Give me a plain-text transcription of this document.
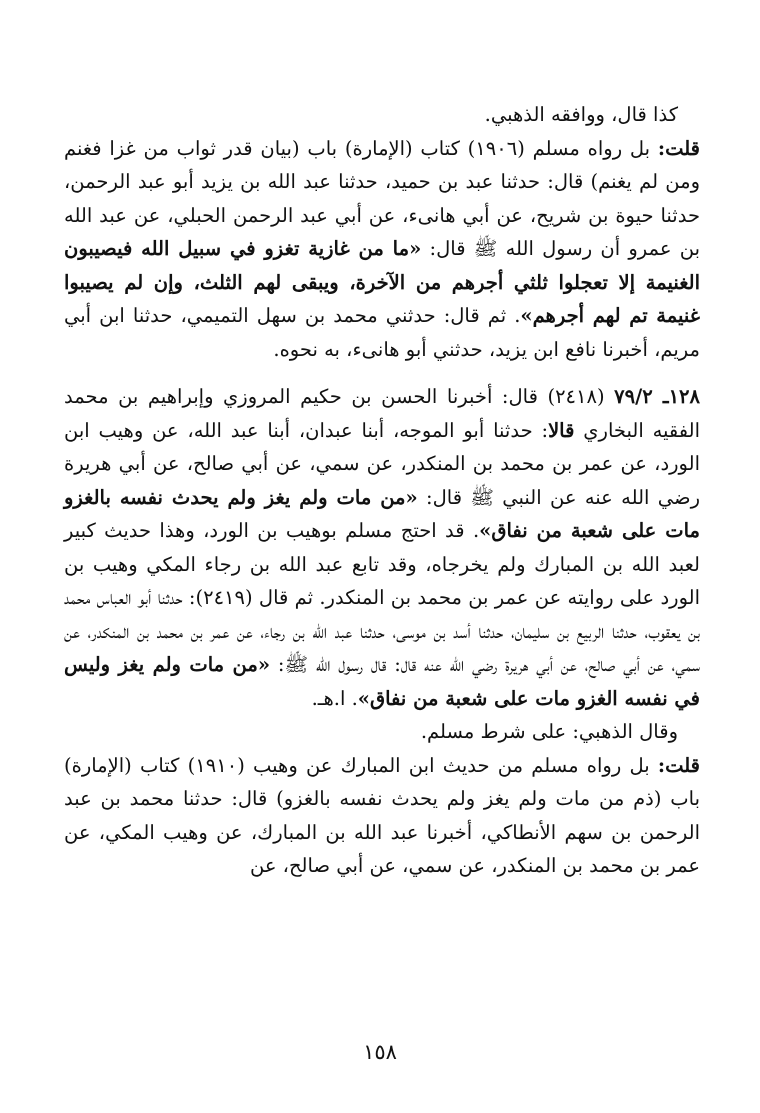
كذا قال، ووافقه الذهبي.

قلت: بل رواه مسلم (١٩٠٦) كتاب (الإمارة) باب (بيان قدر ثواب من غزا فغنم ومن لم يغنم) قال: حدثنا عبد بن حميد، حدثنا عبد الله بن يزيد أبو عبد الرحمن، حدثنا حيوة بن شريح، عن أبي هانىء، عن أبي عبد الرحمن الحبلي، عن عبد الله بن عمرو أن رسول الله ﷺ قال: «ما من غازية تغزو في سبيل الله فيصيبون الغنيمة إلا تعجلوا ثلثي أجرهم من الآخرة، ويبقى لهم الثلث، وإن لم يصيبوا غنيمة تم لهم أجرهم». ثم قال: حدثني محمد بن سهل التميمي، حدثنا ابن أبي مريم، أخبرنا نافع ابن يزيد، حدثني أبو هانىء، به نحوه.

١٢٨ـ ٧٩/٢ (٢٤١٨) قال: أخبرنا الحسن بن حكيم المروزي وإبراهيم بن محمد الفقيه البخاري قالا: حدثنا أبو الموجه، أبنا عبدان، أبنا عبد الله، عن وهيب ابن الورد، عن عمر بن محمد بن المنكدر، عن سمي، عن أبي صالح، عن أبي هريرة رضي الله عنه عن النبي ﷺ قال: «من مات ولم يغز ولم يحدث نفسه بالغزو مات على شعبة من نفاق». قد احتج مسلم بوهيب بن الورد، وهذا حديث كبير لعبد الله بن المبارك ولم يخرجاه، وقد تابع عبد الله بن رجاء المكي وهيب بن الورد على روايته عن عمر بن محمد بن المنكدر. ثم قال (٢٤١٩): حدثنا أبو العباس محمد بن يعقوب، حدثنا الربيع بن سليمان، حدثنا أسد بن موسى، حدثنا عبد الله بن رجاء، عن عمر بن محمد بن المنكدر، عن سمي، عن أبي صالح، عن أبي هريرة رضي الله عنه قال: قال رسول الله ﷺ: «من مات ولم يغز وليس في نفسه الغزو مات على شعبة من نفاق». ا.هـ.

وقال الذهبي: على شرط مسلم.

قلت: بل رواه مسلم من حديث ابن المبارك عن وهيب (١٩١٠) كتاب (الإمارة) باب (ذم من مات ولم يغز ولم يحدث نفسه بالغزو) قال: حدثنا محمد بن عبد الرحمن بن سهم الأنطاكي، أخبرنا عبد الله بن المبارك، عن وهيب المكي، عن عمر بن محمد بن المنكدر، عن سمي، عن أبي صالح، عن

١٥٨
